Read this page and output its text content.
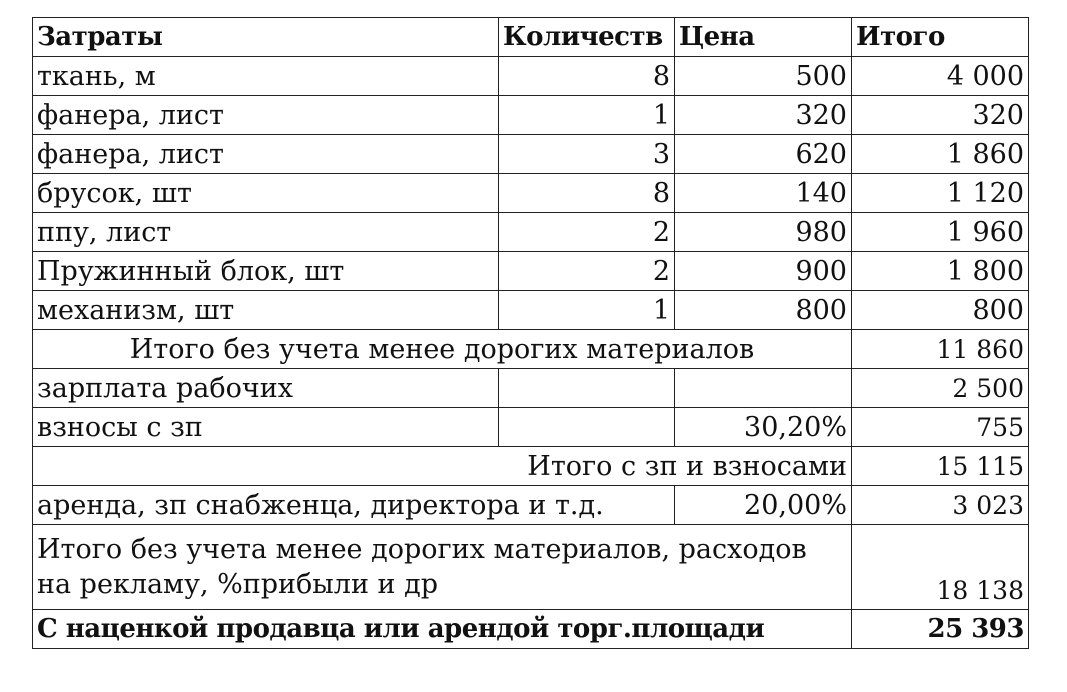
Затраты	Количеств	Цена	Итого
ткань, м	8	500	4 000
фанера, лист	1	320	320
фанера, лист	3	620	1 860
брусок, шт	8	140	1 120
ппу, лист	2	980	1 960
Пружинный блок, шт	2	900	1 800
механизм, шт	1	800	800
Итого без учета менее дорогих материалов			11 860
зарплата рабочих			2 500
взносы с зп		30,20%	755
Итого с зп и взносами			15 115
аренда, зп снабженца, директора и т.д.		20,00%	3 023
Итого без учета менее дорогих материалов, расходов на рекламу, %прибыли и др			18 138
С наценкой продавца или арендой торг.площади			25 393
